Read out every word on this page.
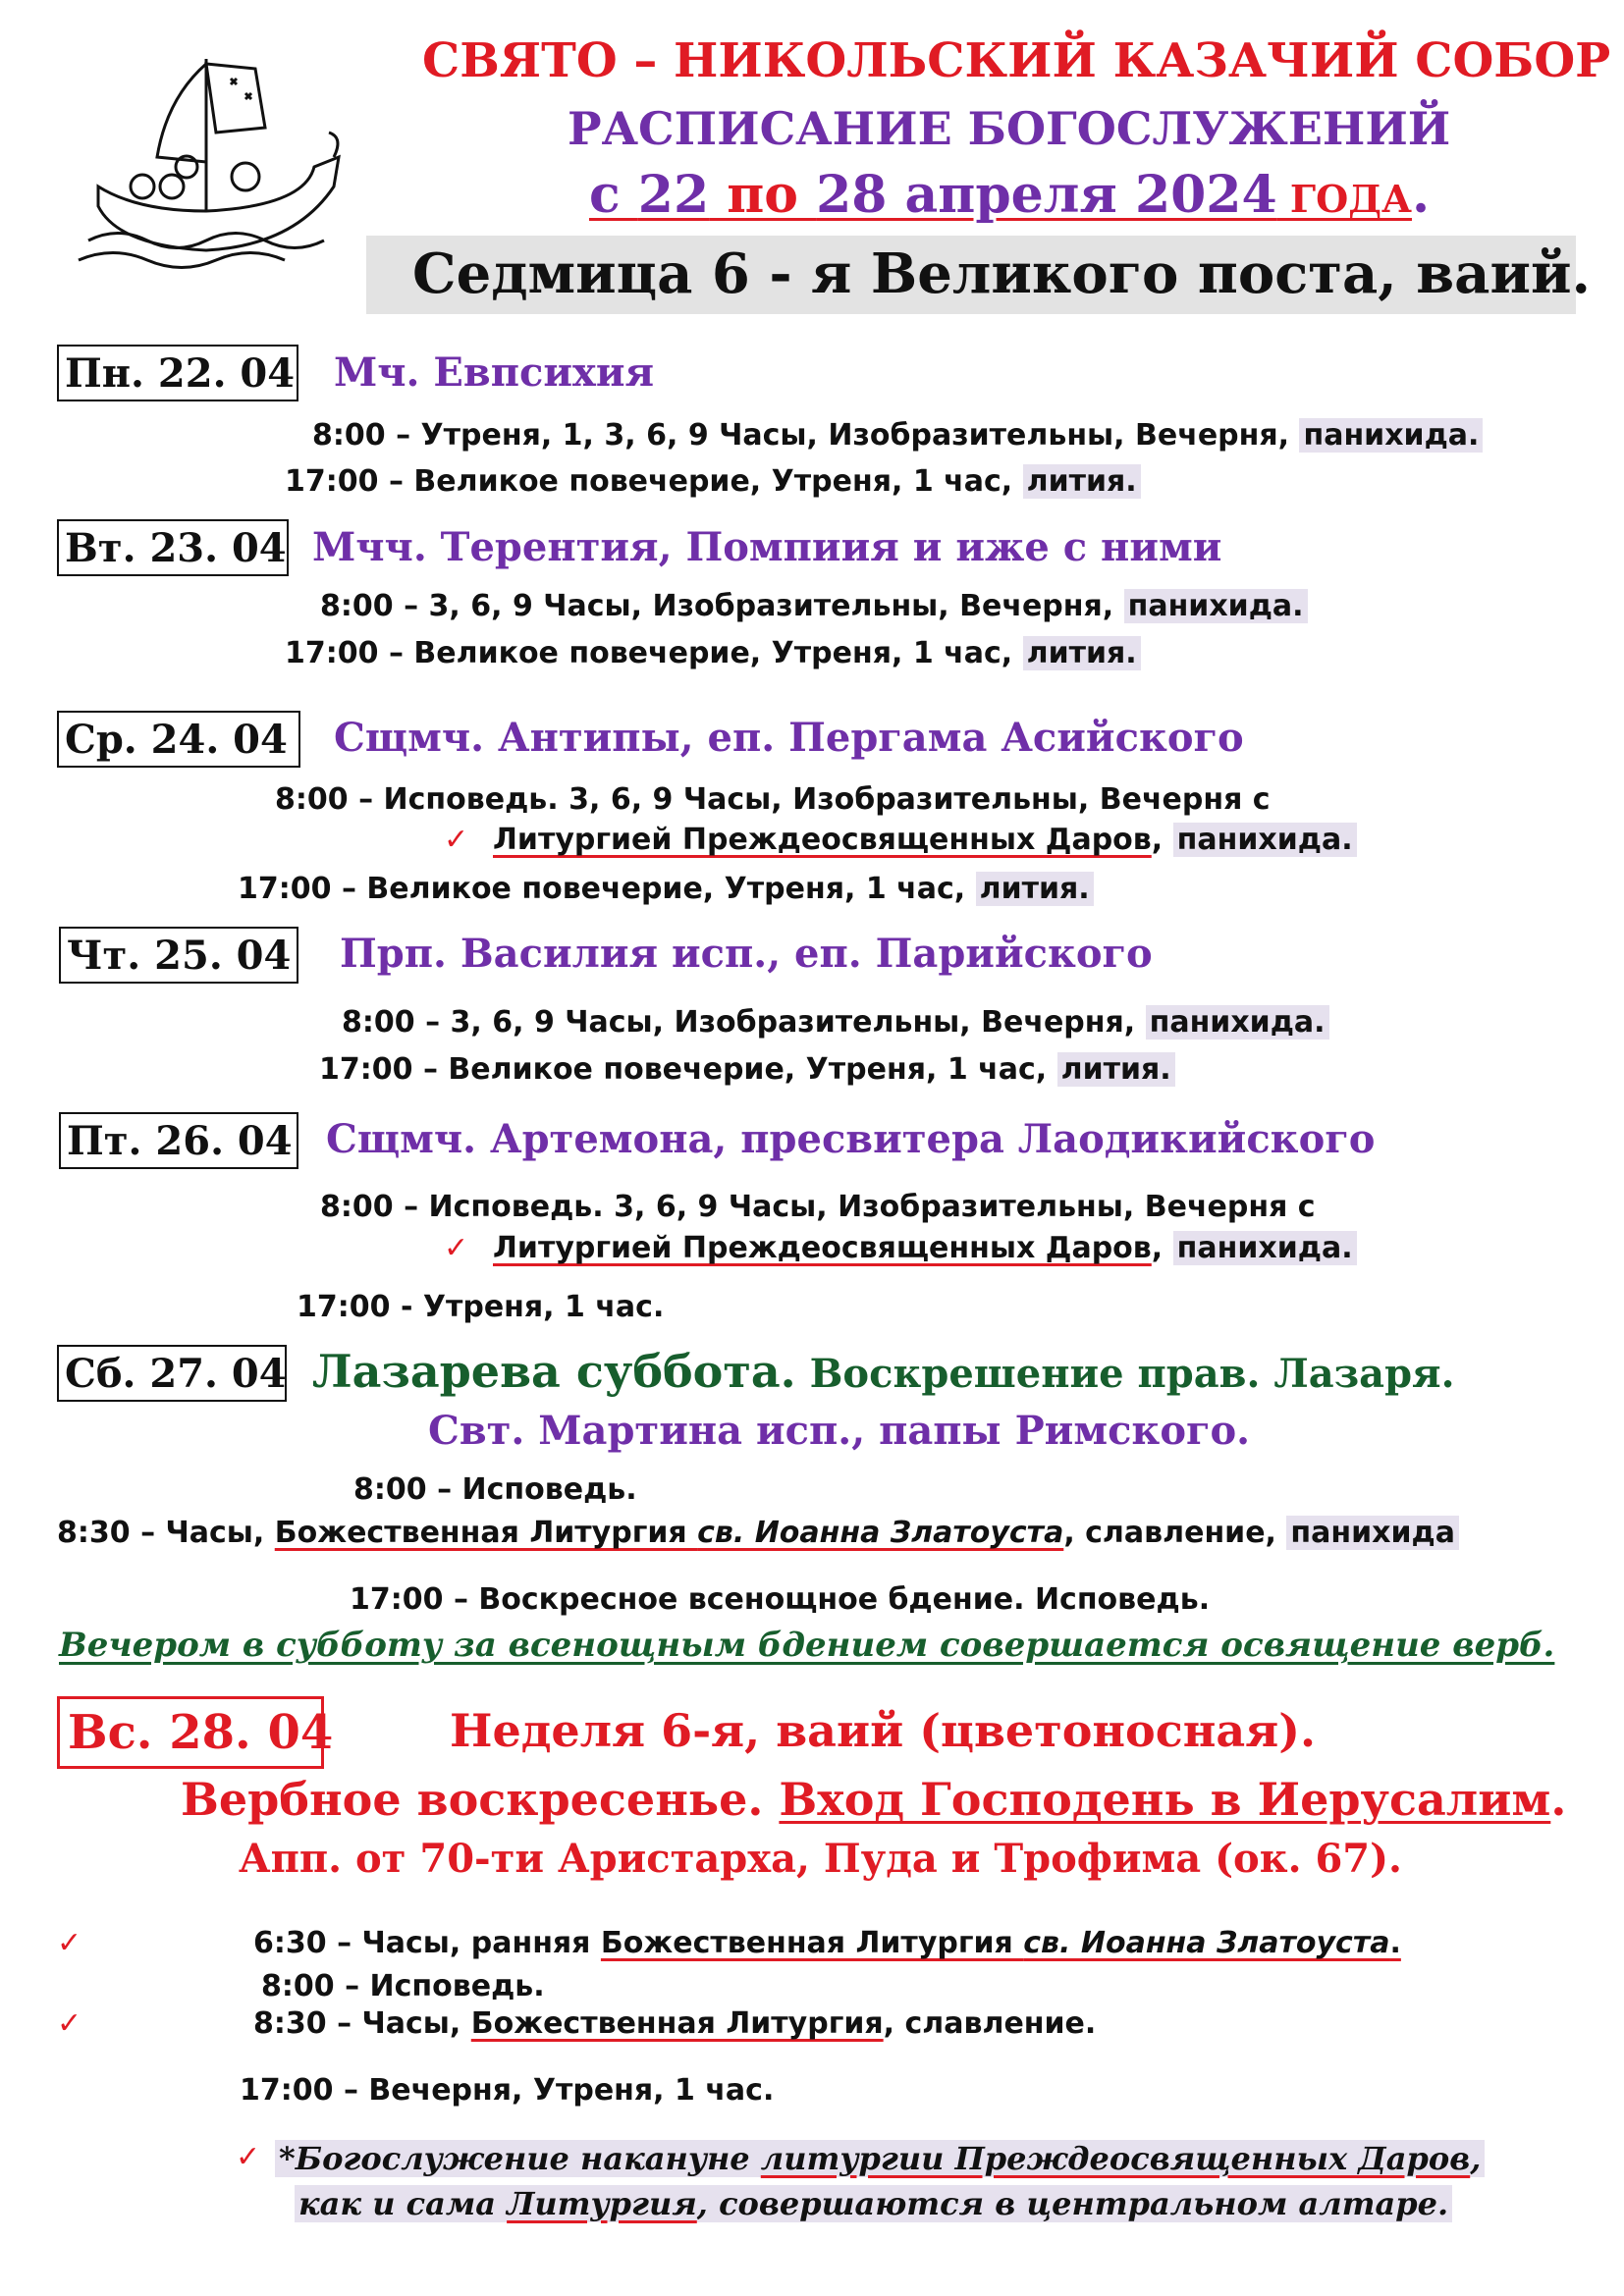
СВЯТО – НИКОЛЬСКИЙ КАЗАЧИЙ СОБОР
РАСПИСАНИЕ БОГОСЛУЖЕНИЙ
с 22 по 28 апреля 2024 ГОДА.
Седмица 6 - я Великого поста, ваий.
Пн. 22. 04 Мч. Евпсихия
8:00 – Утреня, 1, 3, 6, 9 Часы, Изобразительны, Вечерня, панихида.
17:00 – Великое повечерие, Утреня, 1 час, лития.
Вт. 23. 04 Мчч. Терентия, Помпиия и иже с ними
8:00 – 3, 6, 9 Часы, Изобразительны, Вечерня, панихида.
17:00 – Великое повечерие, Утреня, 1 час, лития.
Ср. 24. 04	Сщмч. Антипы, еп. Пергама Асийского
8:00 – Исповедь. 3, 6, 9 Часы, Изобразительны, Вечерня с
✓ Литургией Преждеосвященных Даров, панихида.
17:00 – Великое повечерие, Утреня, 1 час, лития.
Чт. 25. 04 Прп. Василия исп., еп. Парийского
8:00 – 3, 6, 9 Часы, Изобразительны, Вечерня, панихида.
17:00 – Великое повечерие, Утреня, 1 час, лития.
Пт. 26. 04 Сщмч. Артемона, пресвитера Лаодикийского
8:00 – Исповедь. 3, 6, 9 Часы, Изобразительны, Вечерня с
✓ Литургией Преждеосвященных Даров, панихида.
17:00 - Утреня, 1 час.
Сб. 27. 04 Лазарева суббота. Воскрешение прав. Лазаря.
Свт. Мартина исп., папы Римского.
8:00 – Исповедь.
8:30 – Часы, Божественная Литургия св. Иоанна Златоуста, славление, панихида
17:00 – Воскресное всенощное бдение. Исповедь.
Вечером в субботу за всенощным бдением совершается освящение верб.
Вс. 28. 04	Неделя 6-я, ваий (цветоносная).
Вербное воскресенье. Вход Господень в Иерусалим.
Апп. от 70-ти Аристарха, Пуда и Трофима (ок. 67).
✓	6:30 – Часы, ранняя Божественная Литургия св. Иоанна Златоуста.
8:00 – Исповедь.
✓	8:30 – Часы, Божественная Литургия, славление.
17:00 – Вечерня, Утреня, 1 час.
✓ *Богослужение накануне литургии Преждеосвященных Даров,
как и сама Литургия, совершаются в центральном алтаре.
